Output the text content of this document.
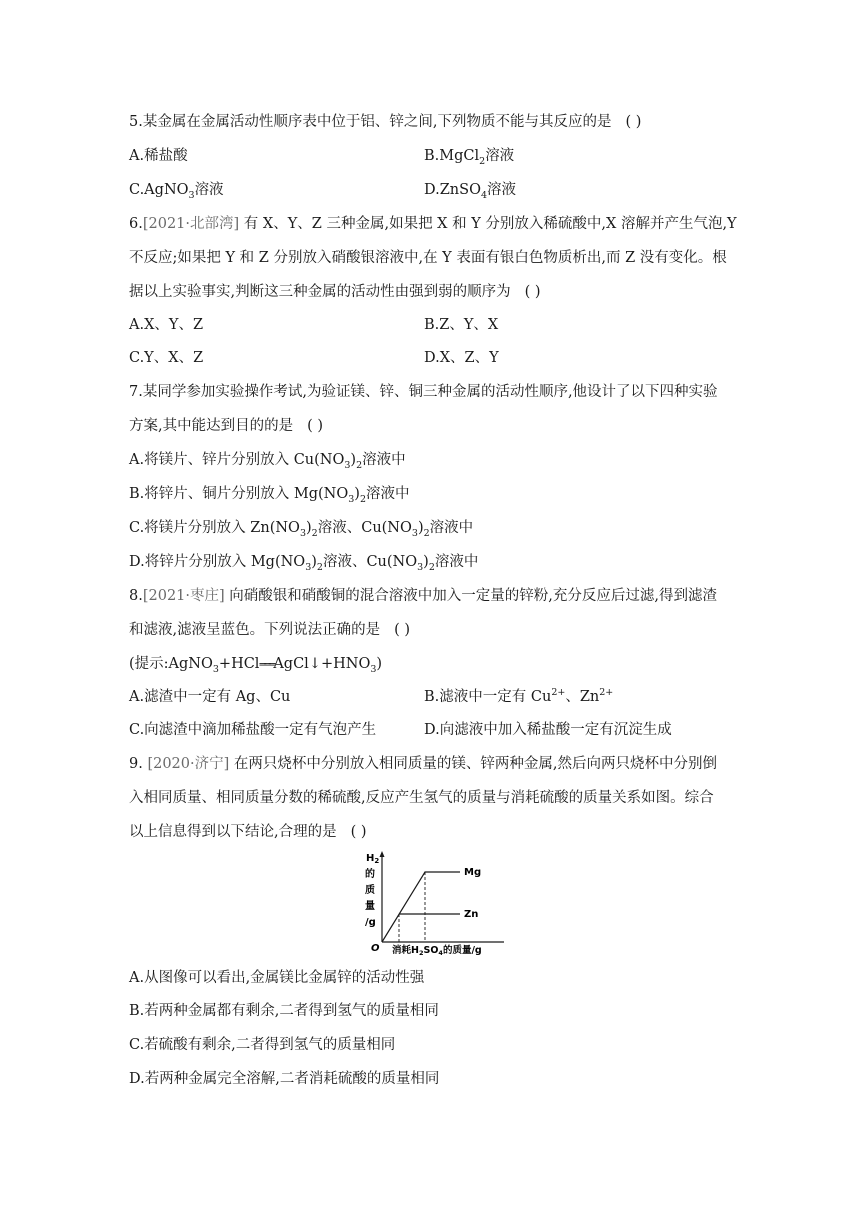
5.某金属在金属活动性顺序表中位于铝、锌之间,下列物质不能与其反应的是 ( )
A.稀盐酸	B.MgCl$_2$溶液
C.AgNO$_3$溶液	D.ZnSO$_4$溶液
6.[2021·北部湾] 有 X、Y、Z 三种金属,如果把 X 和 Y 分别放入稀硫酸中,X 溶解并产生气泡,Y
不反应;如果把 Y 和 Z 分别放入硝酸银溶液中,在 Y 表面有银白色物质析出,而 Z 没有变化。根
据以上实验事实,判断这三种金属的活动性由强到弱的顺序为 ( )
A.X、Y、Z	B.Z、Y、X
C.Y、X、Z	D.X、Z、Y
7.某同学参加实验操作考试,为验证镁、锌、铜三种金属的活动性顺序,他设计了以下四种实验
方案,其中能达到目的的是 ( )
A.将镁片、锌片分别放入 $Cu(NO_3)_2$溶液中
B.将锌片、铜片分别放入 $Mg(NO_3)_2$溶液中
C.将镁片分别放入 $Zn(NO_3)_2$溶液、$Cu(NO_3)_2$溶液中
D.将锌片分别放入 $Mg(NO_3)_2$溶液、$Cu(NO_3)_2$溶液中
8.[2021·枣庄] 向硝酸银和硝酸铜的混合溶液中加入一定量的锌粉,充分反应后过滤,得到滤渣
和滤液,滤液呈蓝色。下列说法正确的是 ( )
(提示$:AgNO_3+HCl═══AgCl↓+HNO_3$)
A.滤渣中一定有 Ag、Cu	B.滤液中一定有 $Cu^{2+}$、$Zn^{2+}$
C.向滤渣中滴加稀盐酸一定有气泡产生	D.向滤液中加入稀盐酸一定有沉淀生成
9. [2020·济宁] 在两只烧杯中分别放入相同质量的镁、锌两种金属,然后向两只烧杯中分别倒
入相同质量、相同质量分数的稀硫酸,反应产生氢气的质量与消耗硫酸的质量关系如图。综合
以上信息得到以下结论,合理的是 ( )
$H_2$
的
质
量
/g
O 消耗$H_2SO_4$的质量/g
Mg
Zn
A.从图像可以看出,金属镁比金属锌的活动性强
B.若两种金属都有剩余,二者得到氢气的质量相同
C.若硫酸有剩余,二者得到氢气的质量相同
D.若两种金属完全溶解,二者消耗硫酸的质量相同
